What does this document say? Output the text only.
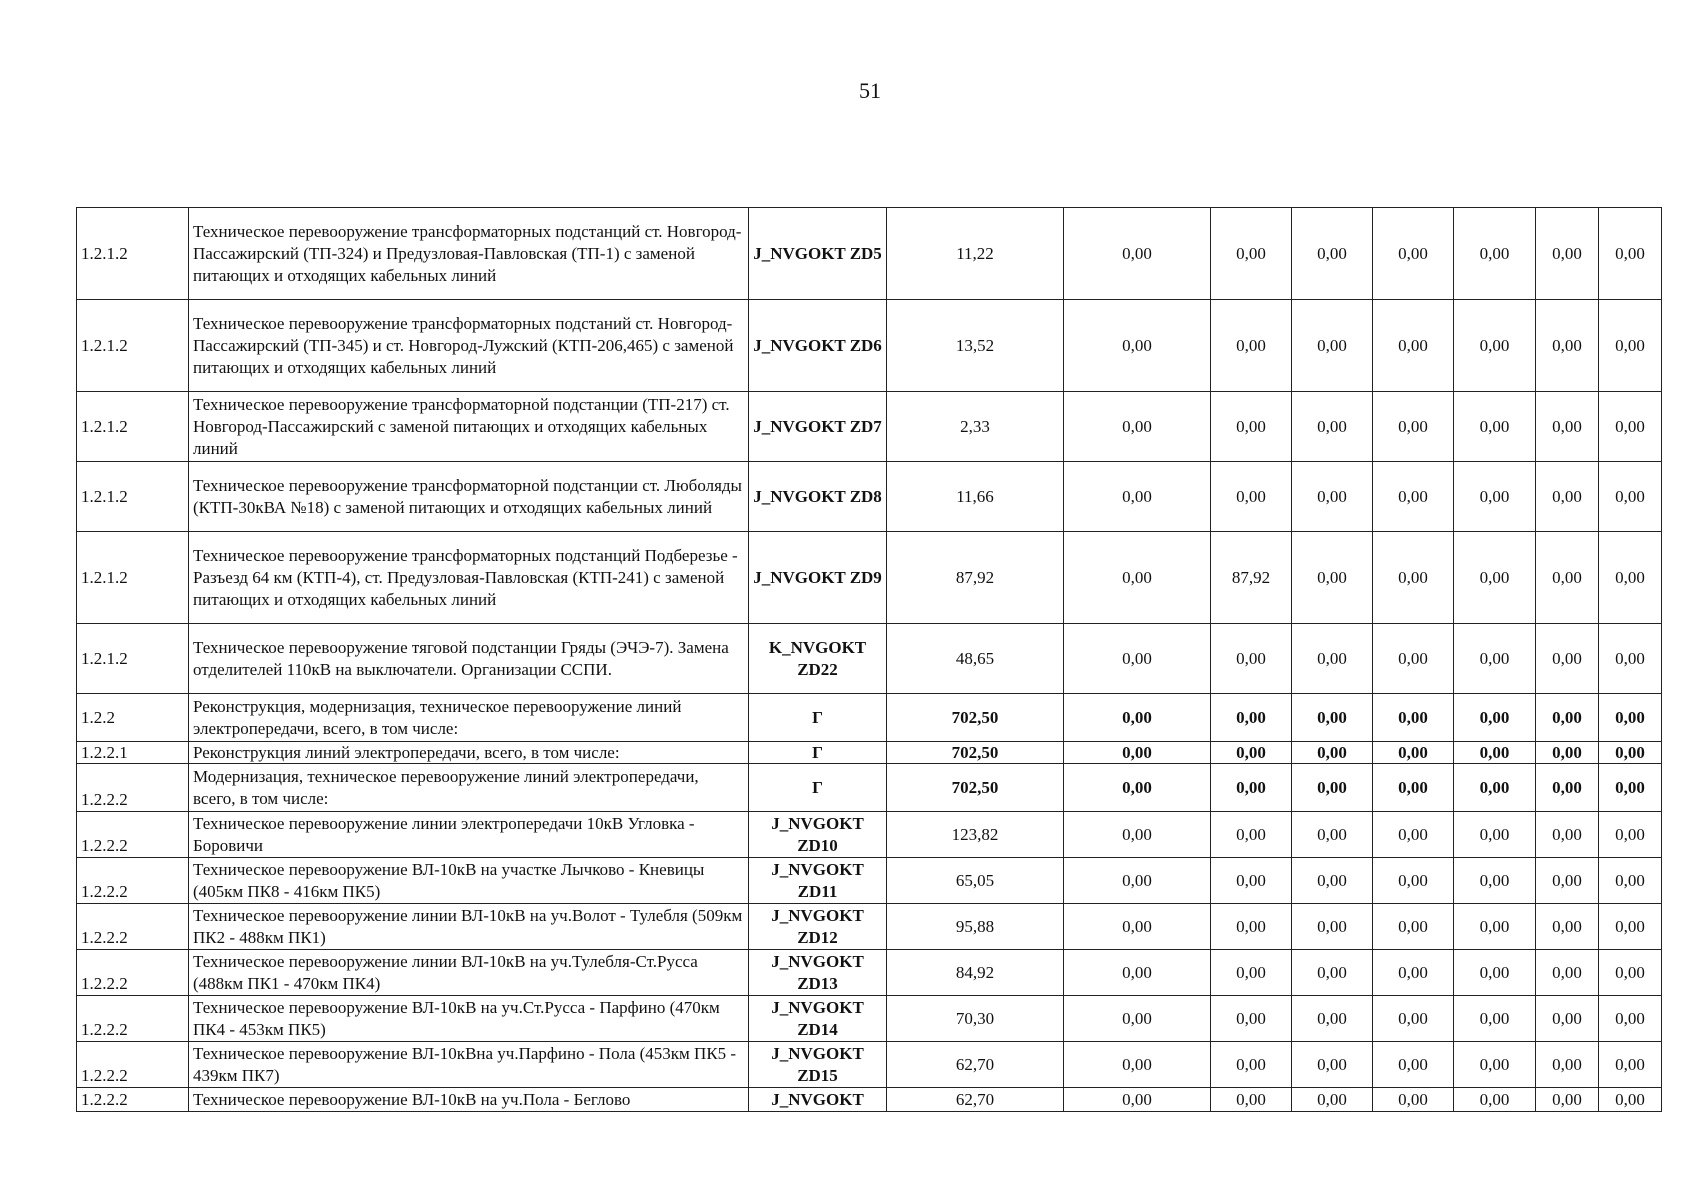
51
1.2.1.2	Техническое перевооружение трансформаторных подстанций ст. Новгород-Пассажирский (ТП-324) и Предузловая-Павловская (ТП-1) с заменой питающих и отходящих кабельных линий	J_NVGOKT ZD5	11,22	0,00	0,00	0,00	0,00	0,00	0,00	0,00
1.2.1.2	Техническое перевооружение трансформаторных подстаний ст. Новгород-Пассажирский (ТП-345) и ст. Новгород-Лужский (КТП-206,465) с заменой питающих и отходящих кабельных линий	J_NVGOKT ZD6	13,52	0,00	0,00	0,00	0,00	0,00	0,00	0,00
1.2.1.2	Техническое перевооружение трансформаторной подстанции (ТП-217) ст. Новгород-Пассажирский с заменой питающих и отходящих кабельных линий	J_NVGOKT ZD7	2,33	0,00	0,00	0,00	0,00	0,00	0,00	0,00
1.2.1.2	Техническое перевооружение трансформаторной подстанции ст. Люболяды (КТП-30кВА №18) с заменой питающих и отходящих кабельных линий	J_NVGOKT ZD8	11,66	0,00	0,00	0,00	0,00	0,00	0,00	0,00
1.2.1.2	Техническое перевооружение трансформаторных подстанций Подберезье - Разъезд 64 км (КТП-4), ст. Предузловая-Павловская (КТП-241) с заменой питающих и отходящих кабельных линий	J_NVGOKT ZD9	87,92	0,00	87,92	0,00	0,00	0,00	0,00	0,00
1.2.1.2	Техническое перевооружение тяговой подстанции Гряды (ЭЧЭ-7). Замена отделителей 110кВ на выключатели. Организации ССПИ.	K_NVGOKT ZD22	48,65	0,00	0,00	0,00	0,00	0,00	0,00	0,00
1.2.2	Реконструкция, модернизация, техническое перевооружение линий электропередачи, всего, в том числе:	Г	702,50	0,00	0,00	0,00	0,00	0,00	0,00	0,00
1.2.2.1	Реконструкция линий электропередачи, всего, в том числе:	Г	702,50	0,00	0,00	0,00	0,00	0,00	0,00	0,00
1.2.2.2	Модернизация, техническое перевооружение линий электропередачи, всего, в том числе:	Г	702,50	0,00	0,00	0,00	0,00	0,00	0,00	0,00
1.2.2.2	Техническое перевооружение линии электропередачи 10кВ Угловка - Боровичи	J_NVGOKT ZD10	123,82	0,00	0,00	0,00	0,00	0,00	0,00	0,00
1.2.2.2	Техническое перевооружение ВЛ-10кВ на участке Лычково - Кневицы (405км ПК8 - 416км ПК5)	J_NVGOKT ZD11	65,05	0,00	0,00	0,00	0,00	0,00	0,00	0,00
1.2.2.2	Техническое перевооружение линии ВЛ-10кВ на уч.Волот - Тулебля (509км ПК2 - 488км ПК1)	J_NVGOKT ZD12	95,88	0,00	0,00	0,00	0,00	0,00	0,00	0,00
1.2.2.2	Техническое перевооружение линии ВЛ-10кВ на уч.Тулебля-Ст.Русса (488км ПК1 - 470км ПК4)	J_NVGOKT ZD13	84,92	0,00	0,00	0,00	0,00	0,00	0,00	0,00
1.2.2.2	Техническое перевооружение ВЛ-10кВ на уч.Ст.Русса - Парфино (470км ПК4 - 453км ПК5)	J_NVGOKT ZD14	70,30	0,00	0,00	0,00	0,00	0,00	0,00	0,00
1.2.2.2	Техническое перевооружение ВЛ-10кВна уч.Парфино - Пола (453км ПК5 - 439км ПК7)	J_NVGOKT ZD15	62,70	0,00	0,00	0,00	0,00	0,00	0,00	0,00
1.2.2.2	Техническое перевооружение ВЛ-10кВ на уч.Пола - Беглово	J_NVGOKT	62,70	0,00	0,00	0,00	0,00	0,00	0,00	0,00
